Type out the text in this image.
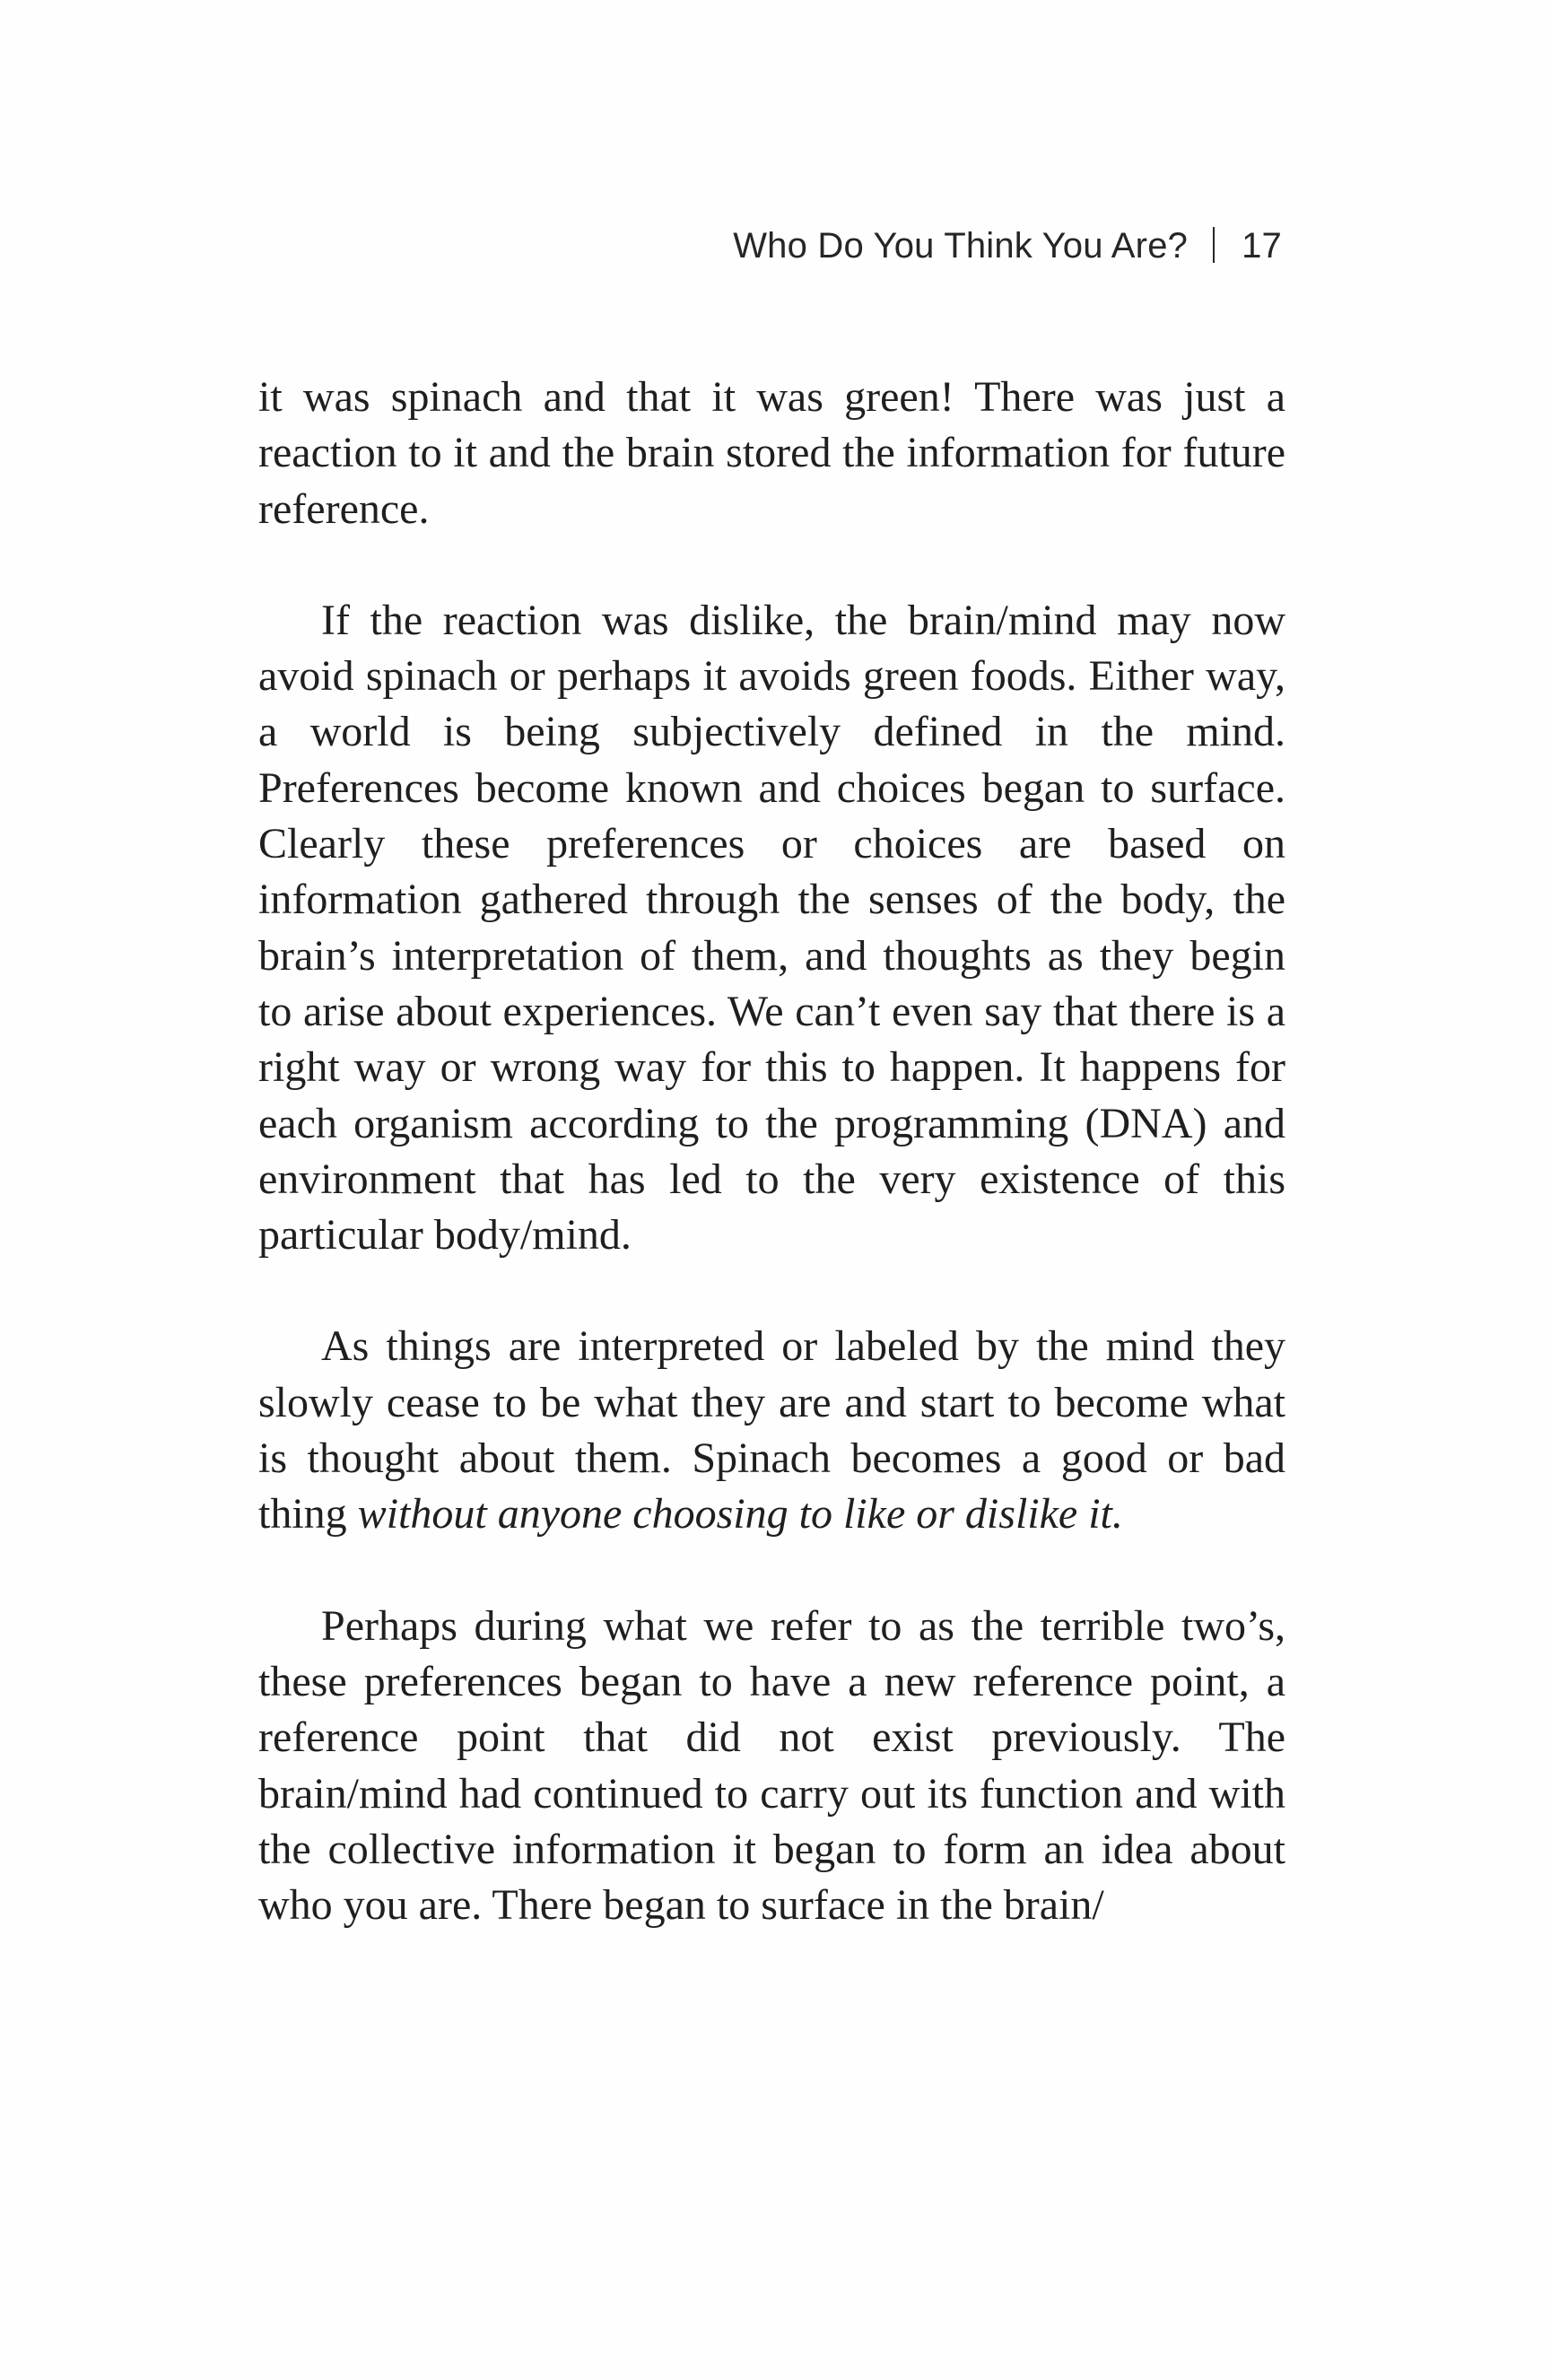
Who Do You Think You Are? 17

it was spinach and that it was green! There was just a reaction to it and the brain stored the information for future reference.

If the reaction was dislike, the brain/mind may now avoid spinach or perhaps it avoids green foods. Either way, a world is being subjectively defined in the mind. Preferences become known and choices began to surface. Clearly these preferences or choices are based on information gathered through the senses of the body, the brain’s interpretation of them, and thoughts as they begin to arise about experiences. We can’t even say that there is a right way or wrong way for this to happen. It happens for each organism according to the programming (DNA) and environment that has led to the very existence of this particular body/mind.

As things are interpreted or labeled by the mind they slowly cease to be what they are and start to become what is thought about them. Spinach becomes a good or bad thing without anyone choosing to like or dislike it.

Perhaps during what we refer to as the terrible two’s, these preferences began to have a new reference point, a reference point that did not exist previously. The brain/mind had continued to carry out its function and with the collective information it began to form an idea about who you are. There began to surface in the brain/
